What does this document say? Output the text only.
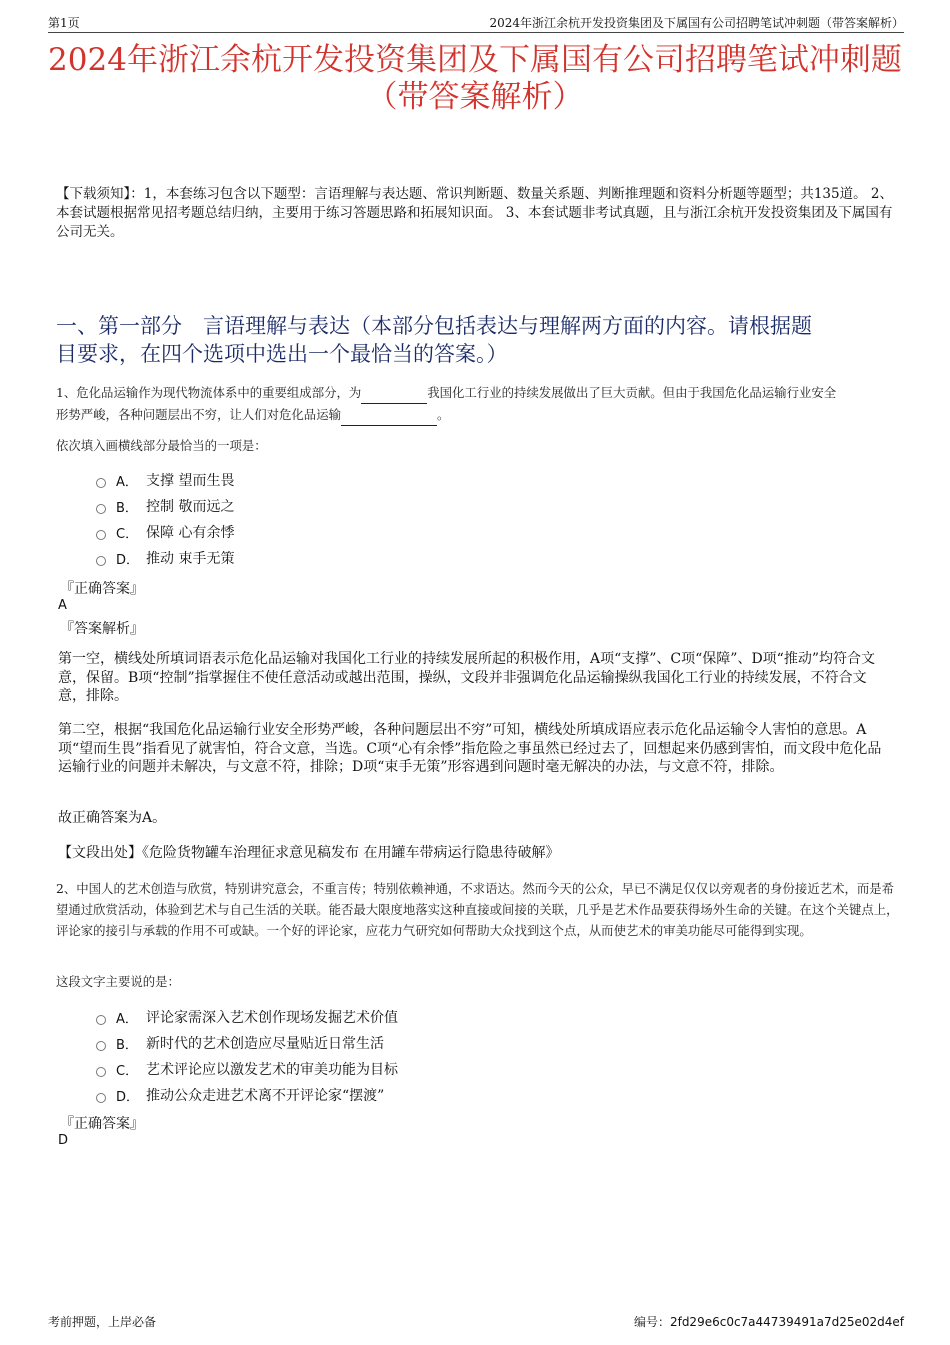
第1页	2024年浙江余杭开发投资集团及下属国有公司招聘笔试冲刺题（带答案解析）
2024年浙江余杭开发投资集团及下属国有公司招聘笔试冲刺题
（带答案解析）
【下载须知】：1，本套练习包含以下题型：言语理解与表达题、常识判断题、数量关系题、判断推理题和资料分析题等题型；共135道。 2、本套试题根据常见招考题总结归纳，主要用于练习答题思路和拓展知识面。 3、本套试题非考试真题，且与浙江余杭开发投资集团及下属国有公司无关。
一、第一部分　言语理解与表达（本部分包括表达与理解两方面的内容。请根据题
目要求，在四个选项中选出一个最恰当的答案。）
1、危化品运输作为现代物流体系中的重要组成部分，为	我国化工行业的持续发展做出了巨大贡献。但由于我国危化品运输行业安全
形势严峻，各种问题层出不穷，让人们对危化品运输	。
依次填入画横线部分最恰当的一项是：
A． 支撑 望而生畏
B． 控制 敬而远之
C． 保障 心有余悸
D． 推动 束手无策
『正确答案』
A
『答案解析』
第一空，横线处所填词语表示危化品运输对我国化工行业的持续发展所起的积极作用，A项“支撑”、C项“保障”、D项“推动”均符合文意，保留。B项“控制”指掌握住不使任意活动或越出范围，操纵，文段并非强调危化品运输操纵我国化工行业的持续发展，不符合文意，排除。
第二空，根据“我国危化品运输行业安全形势严峻，各种问题层出不穷”可知，横线处所填成语应表示危化品运输令人害怕的意思。A项“望而生畏”指看见了就害怕，符合文意，当选。C项“心有余悸”指危险之事虽然已经过去了，回想起来仍感到害怕，而文段中危化品运输行业的问题并未解决，与文意不符，排除；D项“束手无策”形容遇到问题时毫无解决的办法，与文意不符，排除。
故正确答案为A。
【文段出处】《危险货物罐车治理征求意见稿发布 在用罐车带病运行隐患待破解》
2、中国人的艺术创造与欣赏，特别讲究意会，不重言传；特别依赖神通，不求语达。然而今天的公众，早已不满足仅仅以旁观者的身份接近艺术，而是希望通过欣赏活动，体验到艺术与自己生活的关联。能否最大限度地落实这种直接或间接的关联，几乎是艺术作品要获得场外生命的关键。在这个关键点上，评论家的接引与承载的作用不可或缺。一个好的评论家，应花力气研究如何帮助大众找到这个点，从而使艺术的审美功能尽可能得到实现。
这段文字主要说的是：
A． 评论家需深入艺术创作现场发掘艺术价值
B． 新时代的艺术创造应尽量贴近日常生活
C． 艺术评论应以激发艺术的审美功能为目标
D． 推动公众走进艺术离不开评论家“摆渡”
『正确答案』
D
考前押题，上岸必备	编号：2fd29e6c0c7a44739491a7d25e02d4ef
